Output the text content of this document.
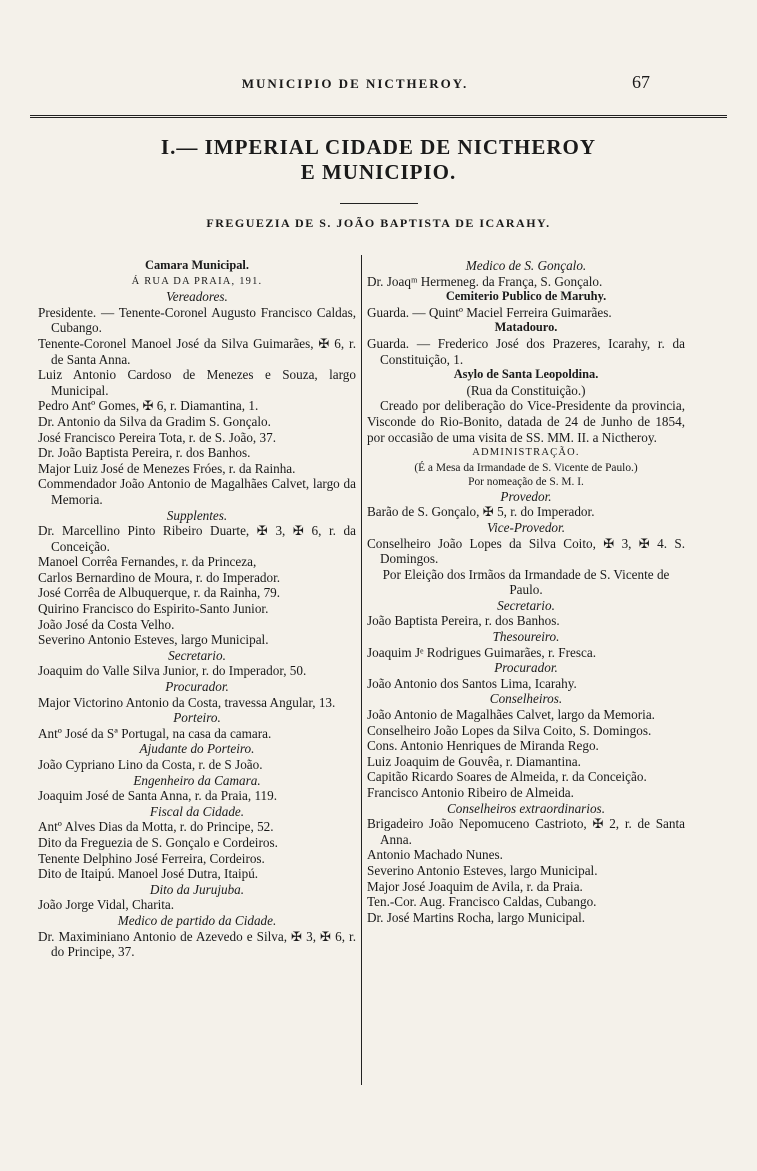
MUNICIPIO DE NICTHEROY.	67
I.— IMPERIAL CIDADE DE NICTHEROY
E MUNICIPIO.
FREGUEZIA DE S. JOÃO BAPTISTA DE ICARAHY.

Camara Municipal.

Á RUA DA PRAIA, 191.

Vereadores.

Presidente. — Tenente-Coronel Augusto Francisco Caldas, Cubango.

Tenente-Coronel Manoel José da Silva Guimarães, ✠ 6, r. de Santa Anna.

Luiz Antonio Cardoso de Menezes e Souza, largo Municipal.

Pedro Antº Gomes, ✠ 6, r. Diamantina, 1.

Dr. Antonio da Silva da Gradim S. Gonçalo.

José Francisco Pereira Tota, r. de S. João, 37.

Dr. João Baptista Pereira, r. dos Banhos.

Major Luiz José de Menezes Fróes, r. da Rainha.

Commendador João Antonio de Magalhães Calvet, largo da Memoria.

Supplentes.

Dr. Marcellino Pinto Ribeiro Duarte, ✠ 3, ✠ 6, r. da Conceição.

Manoel Corrêa Fernandes, r. da Princeza,

Carlos Bernardino de Moura, r. do Imperador.

José Corrêa de Albuquerque, r. da Rainha, 79.

Quirino Francisco do Espirito-Santo Junior.

João José da Costa Velho.

Severino Antonio Esteves, largo Municipal.

Secretario.

Joaquim do Valle Silva Junior, r. do Imperador, 50.

Procurador.

Major Victorino Antonio da Costa, travessa Angular, 13.

Porteiro.

Antº José da Sª Portugal, na casa da camara.

Ajudante do Porteiro.

João Cypriano Lino da Costa, r. de S João.

Engenheiro da Camara.

Joaquim José de Santa Anna, r. da Praia, 119.

Fiscal da Cidade.

Antº Alves Dias da Motta, r. do Principe, 52.

Dito da Freguezia de S. Gonçalo e Cordeiros.

Tenente Delphino José Ferreira, Cordeiros.

Dito de Itaipú. Manoel José Dutra, Itaipú.

Dito da Jurujuba.

João Jorge Vidal, Charita.

Medico de partido da Cidade.

Dr. Maximiniano Antonio de Azevedo e Silva, ✠ 3, ✠ 6, r. do Principe, 37.

Medico de S. Gonçalo.

Dr. Joaqᵐ Hermeneg. da França, S. Gonçalo.

Cemiterio Publico de Maruhy.

Guarda. — Quintº Maciel Ferreira Guimarães.

Matadouro.

Guarda. — Frederico José dos Prazeres, Icarahy, r. da Constituição, 1.

Asylo de Santa Leopoldina.

(Rua da Constituição.)

Creado por deliberação do Vice-Presidente da provincia, Visconde do Rio-Bonito, datada de 24 de Junho de 1854, por occasião de uma visita de SS. MM. II. a Nictheroy.

ADMINISTRAÇÃO.

(É a Mesa da Irmandade de S. Vicente de Paulo.)

Por nomeação de S. M. I.

Provedor.

Barão de S. Gonçalo, ✠ 5, r. do Imperador.

Vice-Provedor.

Conselheiro João Lopes da Silva Coito, ✠ 3, ✠ 4. S. Domingos.

Por Eleição dos Irmãos da Irmandade de S. Vicente de Paulo.

Secretario.

João Baptista Pereira, r. dos Banhos.

Thesoureiro.

Joaquim Jᵉ Rodrigues Guimarães, r. Fresca.

Procurador.

João Antonio dos Santos Lima, Icarahy.

Conselheiros.

João Antonio de Magalhães Calvet, largo da Memoria.

Conselheiro João Lopes da Silva Coito, S. Domingos.

Cons. Antonio Henriques de Miranda Rego.

Luiz Joaquim de Gouvêa, r. Diamantina.

Capitão Ricardo Soares de Almeida, r. da Conceição.

Francisco Antonio Ribeiro de Almeida.

Conselheiros extraordinarios.

Brigadeiro João Nepomuceno Castrioto, ✠ 2, r. de Santa Anna.

Antonio Machado Nunes.

Severino Antonio Esteves, largo Municipal.

Major José Joaquim de Avila, r. da Praia.

Ten.-Cor. Aug. Francisco Caldas, Cubango.

Dr. José Martins Rocha, largo Municipal.
